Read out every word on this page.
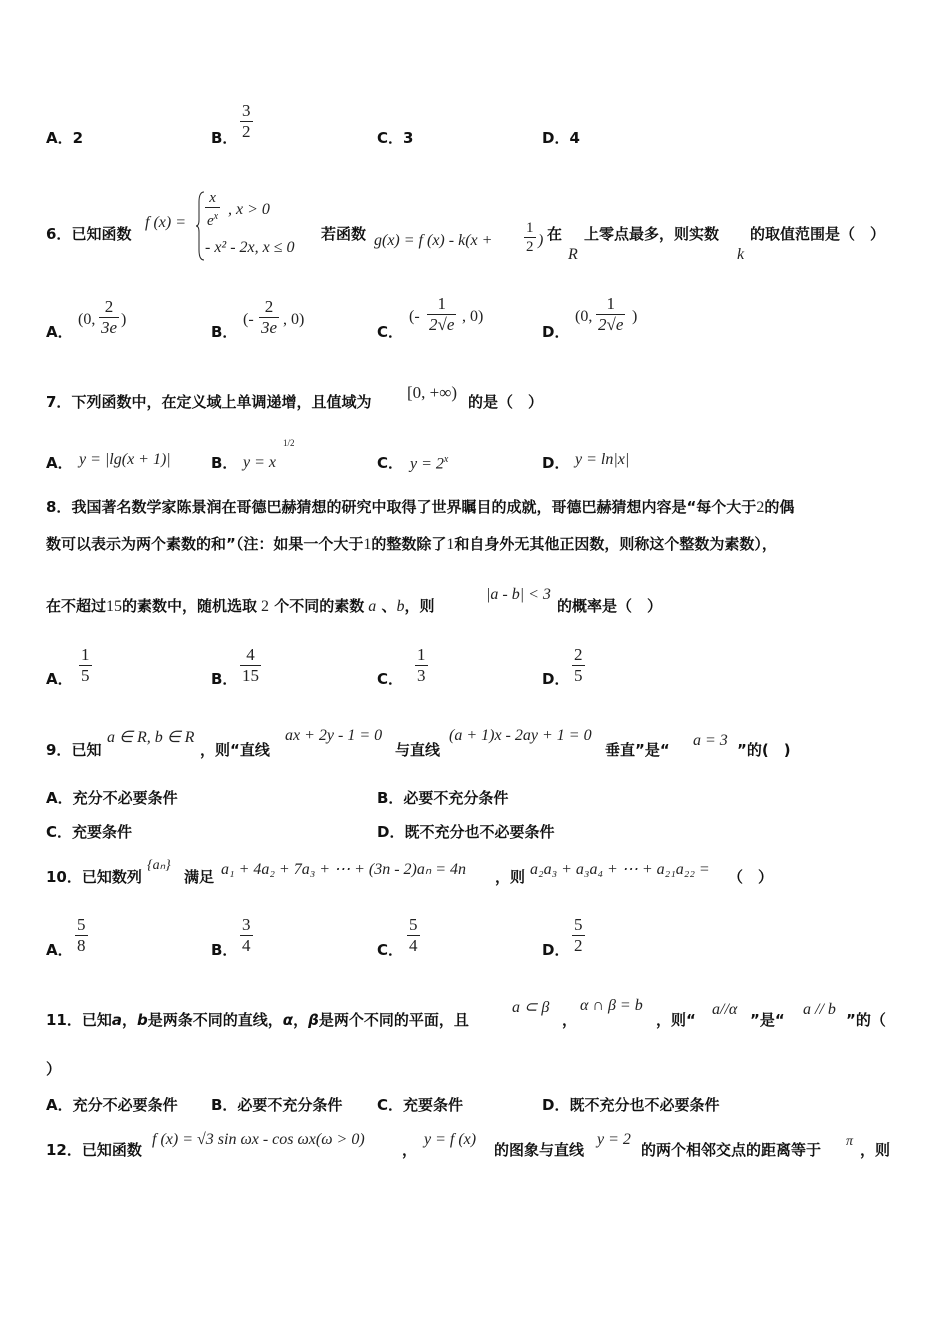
A．2	B． $\frac{3}{2}$	C．3	D．4
6．已知函数
f $(x) = \frac{x}{e^x}$ , x > 0
- x² - 2x, x ≤ 0
若函数 g(x) = f $(x) - k(x + \frac{1}{2}$ ) 在
R
上零点最多，则实数
k
的取值范围是（　）
A．
(0, $\frac{2}{3e}$ )
B．
(- $\frac{2}{3e}$ , 0)
C．
(- $\frac{1}{2√e}$ , 0)
D．
(0, $\frac{1}{2√e}$ )
7．下列函数中，在定义域上单调递增，且值域为 [0, +∞) 的是（　）
A． y = |lg(x + 1)|	B． y = x
1/2
C． $y = 2^x$	D． y = ln|x|
8．我国著名数学家陈景润在哥德巴赫猜想的研究中取得了世界瞩目的成就，哥德巴赫猜想内容是“每个大于2的偶
数可以表示为两个素数的和”（注：如果一个大于1的整数除了1和自身外无其他正因数，则称这个整数为素数），
在不超过15的素数中，随机选取 2 个不同的素数 a 、b，则
|a - b| < 3
的概率是（　）
A． $\frac{1}{5}$	B． $\frac{4}{15}$	C． $\frac{1}{3}$	D． $\frac{2}{5}$
9．已知
a ∈ R, b ∈ R
，则“直线
ax + 2y - 1 = 0
与直线
(a + 1)x - 2ay + 1 = 0
垂直”是“
a = 3
”的(　)
A．充分不必要条件	B．必要不充分条件
C．充要条件	D．既不充分也不必要条件
10．已知数列
{aₙ}
满足 a₁ + 4a₂ + 7a₃ + ⋯ + (3n - 2)aₙ = 4n ，则 a₂a₃ + a₃a₄ + ⋯ + a₂₁a₂₂ = （　）
A． $\frac{5}{8}$	B． $\frac{3}{4}$	C． $\frac{5}{4}$	D． $\frac{5}{2}$
11．已知a，b是两条不同的直线，α，β是两个不同的平面，且
a ⊂ β
，
α ∩ β = b
，则“
a//α
”是“
a // b
”的（
）
A．充分不必要条件 B．必要不充分条件 C．充要条件	D．既不充分也不必要条件
12．已知函数
f (x) = √3 sin ωx - cos ωx(ω > 0)
，
y = f (x)
的图象与直线
y = 2
的两个相邻交点的距离等于 π ，则
